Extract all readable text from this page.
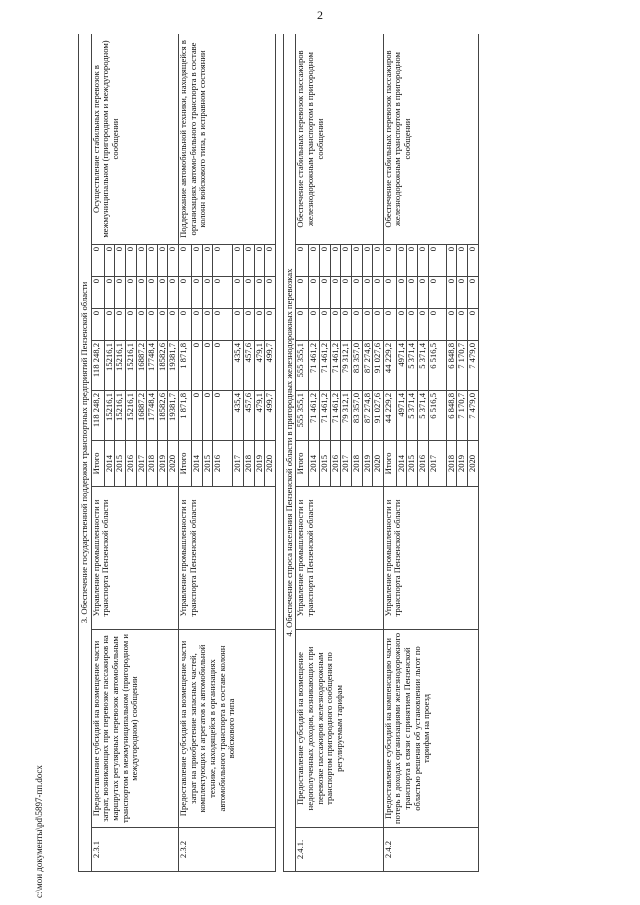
2
3. Обеспечение государственной поддержки транспортных предприятий Пензенской области									
2.3.1	Предоставление субсидий на возмещение части затрат, возникающих при перевозке пассажиров на маршрутах регулярных перевозок автомобильным транспортом в межмуниципальном (пригородном и междугородном) сообщении	Управление промышленности и транспорта Пензенской области	Итого	118 248,2	118 248,2	0	0	0	Осуществление стабильных перевозок в межмуниципальном (пригородном и междугородном) сообщении
			2014	15216,1	15216,1	0	0	0	
			2015	15216,1	15216,1	0	0	0	
			2016	15216,1	15216,1	0	0	0	
			2017	16887,2	16887,2	0	0	0	
			2018	17748,4	17748,4	0	0	0	
			2019	18582,6	18582,6	0	0	0	
			2020	19381,7	19381,7	0	0	0	
2.3.2	Предоставление субсидий на возмещение части затрат на приобретение запасных частей, комплектующих и агрегатов к автомобильной технике, находящейся в организациях автомобильного транспорта в составе колонн войскового типа	Управление промышленности и транспорта Пензенской области	Итого	1 871,8	1 871,8	0	0	0	Поддержание автомобильной техники, находящейся в организациях автомо-бильного транспорта в составе колонн войскового типа, в исправном состоянии
			2014	0	0	0	0	0	
			2015	0	0	0	0	0	
			2016	0	0	0	0	0	
			2017	435,4	435,4	0	0	0	
			2018	457,6	457,6	0	0	0	
			2019	479,1	479,1	0	0	0	
			2020	499,7	499,7	0	0	0	

4. Обеспечение спроса населения Пензенской области в пригородных железнодорожных перевозках									
2.4.1.	Предоставление субсидий на возмещение недополученных доходов, возникающих при перевозке пассажиров железнодорожным транспортом пригородного сообщения по регулируемым тарифам	Управление промышленности и транспорта Пензенской области	Итого	555 355,1	555 355,1	0	0	0	Обеспечение стабильных перевозок пассажиров железнодорожным транспортом в пригородном сообщении
			2014	71 461,2	71 461,2	0	0	0	
			2015	71 461,2	71 461,2	0	0	0	
			2016	71 461,2	71 461,2	0	0	0	
			2017	79 312,1	79 312,1	0	0	0	
			2018	83 357,0	83 357,0	0	0	0	
			2019	87 274,8	87 274,8	0	0	0	
			2020	91 027,6	91 027,6	0	0	0	
2.4.2	Предоставление субсидий на компенсацию части потерь в доходах организациями железнодорожного транспорта в связи с принятием Пензенской областью решения об установлении льгот по тарифам на проезд	Управление промышленности и транспорта Пензенской области	Итого	44 229,2	44 229,2	0	0	0	Обеспечение стабильных перевозок пассажиров железнодорожным транспортом в пригородном сообщении
			2014	4971,4	4971,4	0	0	0	
			2015	5 371,4	5 371,4	0	0	0	
			2016	5 371,4	5 371,4	0	0	0	
			2017	6 516,5	6 516,5	0	0	0	
			2018	6 848,8	6 848,8	0	0	0	
			2019	7 170,7	7 170,7	0	0	0	
			2020	7 479,0	7 479,0	0	0	0	
c:\мои документы\pd\5897-пп.docx
